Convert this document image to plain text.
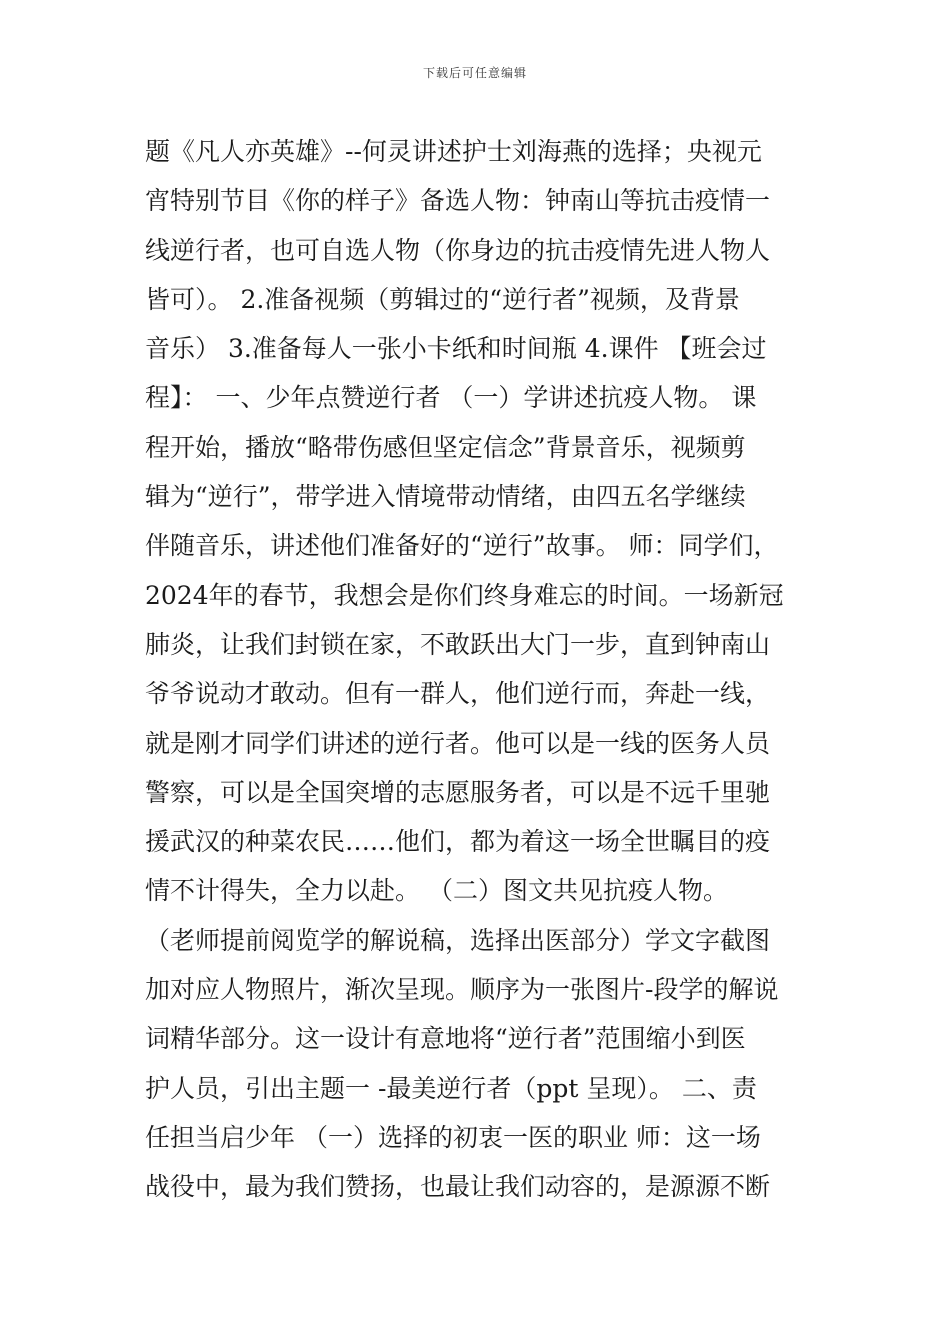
下载后可任意编辑
题《凡人亦英雄》--何灵讲述护士刘海燕的选择；央视元
宵特别节目《你的样子》备选人物：钟南山等抗击疫情一
线逆行者，也可自选人物（你身边的抗击疫情先进人物人
皆可）。 2.准备视频（剪辑过的“逆行者”视频，及背景
音乐） 3.准备每人一张小卡纸和时间瓶 4.课件 【班会过
程】： 一、少年点赞逆行者 （一）学讲述抗疫人物。 课
程开始，播放“略带伤感但坚定信念”背景音乐，视频剪
辑为“逆行”，带学进入情境带动情绪，由四五名学继续
伴随音乐，讲述他们准备好的“逆行”故事。 师：同学们，
2024年的春节，我想会是你们终身难忘的时间。一场新冠
肺炎，让我们封锁在家，不敢跃出大门一步，直到钟南山
爷爷说动才敢动。但有一群人，他们逆行而，奔赴一线，
就是刚才同学们讲述的逆行者。他可以是一线的医务人员
警察，可以是全国突增的志愿服务者，可以是不远千里驰
援武汉的种菜农民……他们，都为着这一场全世瞩目的疫
情不计得失，全力以赴。 （二）图文共见抗疫人物。
（老师提前阅览学的解说稿，选择出医部分）学文字截图
加对应人物照片，渐次呈现。顺序为一张图片-段学的解说
词精华部分。这一设计有意地将“逆行者”范围缩小到医
护人员，引出主题一 -最美逆行者（ppt 呈现）。 二、责
任担当启少年 （一）选择的初衷一医的职业 师：这一场
战役中，最为我们赞扬，也最让我们动容的，是源源不断
